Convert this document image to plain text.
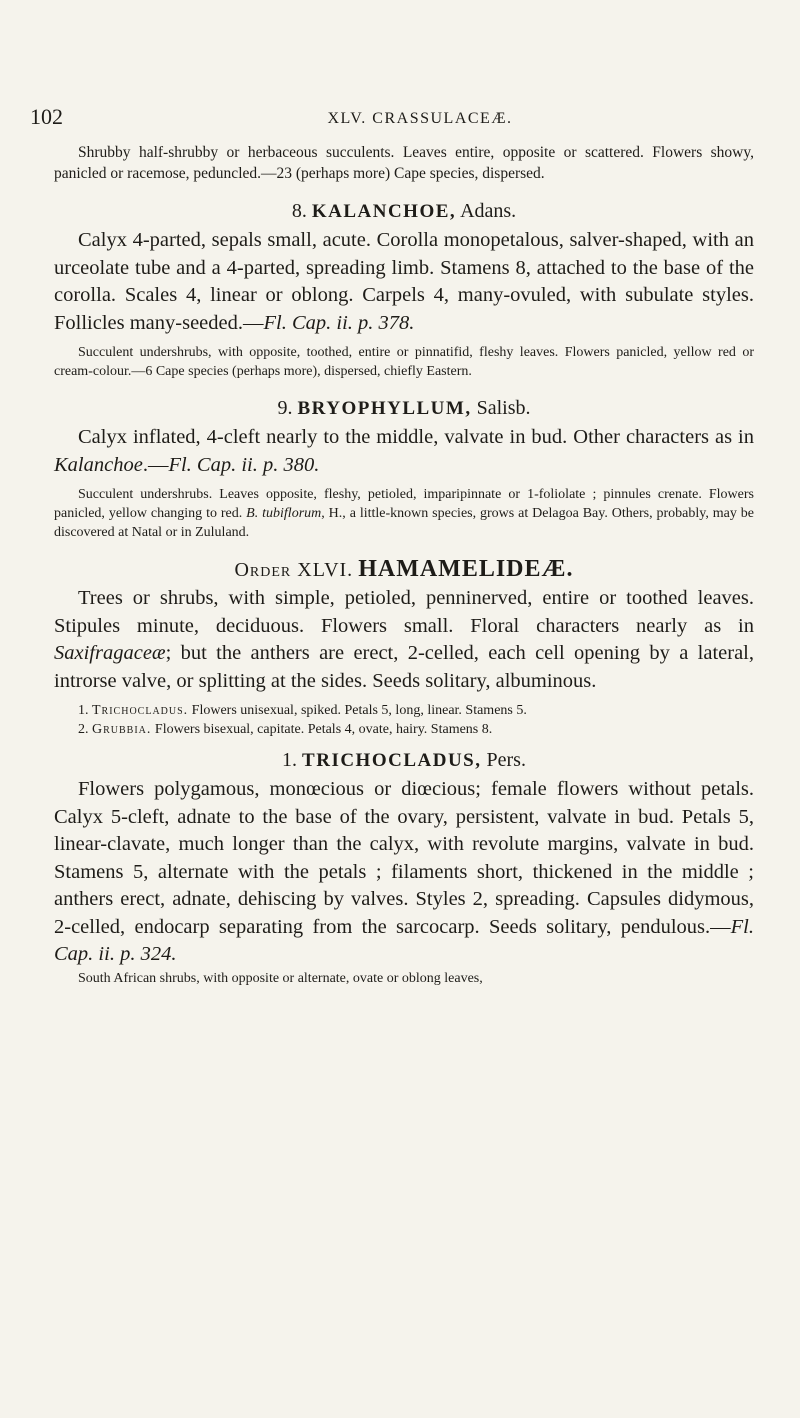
102	XLV. CRASSULACEÆ.

Shrubby half-shrubby or herbaceous succulents. Leaves entire, opposite or scattered. Flowers showy, panicled or racemose, peduncled.—23 (perhaps more) Cape species, dispersed.

8. KALANCHOE, Adans.

Calyx 4-parted, sepals small, acute. Corolla monopetalous, salver-shaped, with an urceolate tube and a 4-parted, spreading limb. Stamens 8, attached to the base of the corolla. Scales 4, linear or oblong. Carpels 4, many-ovuled, with subulate styles. Follicles many-seeded.—Fl. Cap. ii. p. 378.

Succulent undershrubs, with opposite, toothed, entire or pinnatifid, fleshy leaves. Flowers panicled, yellow red or cream-colour.—6 Cape species (perhaps more), dispersed, chiefly Eastern.

9. BRYOPHYLLUM, Salisb.

Calyx inflated, 4-cleft nearly to the middle, valvate in bud. Other characters as in Kalanchoe.—Fl. Cap. ii. p. 380.

Succulent undershrubs. Leaves opposite, fleshy, petioled, imparipinnate or 1-foliolate ; pinnules crenate. Flowers panicled, yellow changing to red. B. tubiflorum, H., a little-known species, grows at Delagoa Bay. Others, probably, may be discovered at Natal or in Zululand.

Order XLVI. HAMAMELIDEÆ.

Trees or shrubs, with simple, petioled, penninerved, entire or toothed leaves. Stipules minute, deciduous. Flowers small. Floral characters nearly as in Saxifragaceæ; but the anthers are erect, 2-celled, each cell opening by a lateral, introrse valve, or splitting at the sides. Seeds solitary, albuminous.

1. Trichocladus. Flowers unisexual, spiked. Petals 5, long, linear. Stamens 5.

2. Grubbia. Flowers bisexual, capitate. Petals 4, ovate, hairy. Stamens 8.

1. TRICHOCLADUS, Pers.

Flowers polygamous, monœcious or diœcious; female flowers without petals. Calyx 5-cleft, adnate to the base of the ovary, persistent, valvate in bud. Petals 5, linear-clavate, much longer than the calyx, with revolute margins, valvate in bud. Stamens 5, alternate with the petals ; filaments short, thickened in the middle ; anthers erect, adnate, dehiscing by valves. Styles 2, spreading. Capsules didymous, 2-celled, endocarp separating from the sarcocarp. Seeds solitary, pendulous.—Fl. Cap. ii. p. 324.

South African shrubs, with opposite or alternate, ovate or oblong leaves,
